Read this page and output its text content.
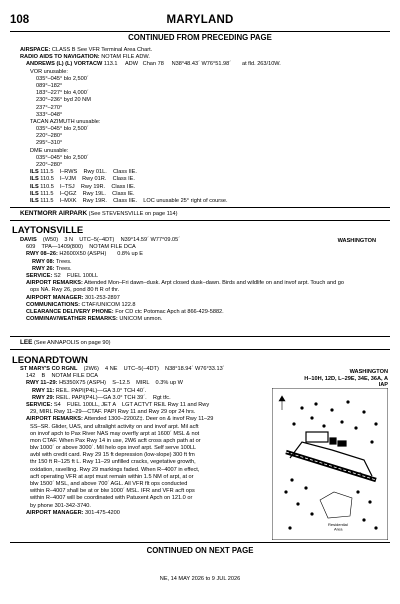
108	MARYLAND
CONTINUED FROM PRECEDING PAGE
AIRSPACE: CLASS B See VFR Terminal Area Chart.
RADIO AIDS TO NAVIGATION: NOTAM FILE ADW.
ANDREWS (L) (L) VORTACW 113.1     ADW   Chan 78     N38°48.43´ W76°51.98´       at fld. 263/10W.
VOR unusable:
035°–045° blo 2,500´
089°–182°
183°–227° blo 4,000´
230°–236° byd 20 NM
237°–270°
333°–048°
TACAN AZIMUTH unusable:
035°–045° blo 2,500´
220°–280°
295°–310°
DME unusable:
035°–045° blo 2,500´
220°–280°
ILS 111.5    I–RWS    Rwy 01L.    Class IIE.
ILS 110.5    I–VJM    Rwy 01R.    Class IE.
ILS 110.5    I–TSJ    Rwy 19R.    Class IIE.
ILS 111.5    I–QGZ    Rwy 19L.    Class IE.
ILS 111.5    I–MXK    Rwy 19R.    Class IIE.    LOC unusable 25° right of course.
KENTMORR AIRPARK (See STEVENSVILLE on page 114)
LAYTONSVILLE
WASHINGTON
DAVIS    (W50)    3 N    UTC–5(–4DT)    N39°14.59´ W77°09.05´
609    TPA—1409(800)    NOTAM FILE DCA
RWY 08–26: H2600X50 (ASPH)       0.8% up E
RWY 08: Trees.
RWY 26: Trees.
SERVICE: S2    FUEL 100LL
AIRPORT REMARKS: Attended Mon–Fri dawn–dusk. Arpt closed dusk–dawn. Birds and wildlife on and invof arpt. Touch and go
ops NA. Rwy 26, pond 80 ft R of thr.
AIRPORT MANAGER: 301-253-2897
COMMUNICATIONS: CTAF/UNICOM 122.8
CLEARANCE DELIVERY PHONE: For CD ctc Potomac Apch at 866-429-5882.
COMM/NAV/WEATHER REMARKS: UNICOM unmon.
LEE (See ANNAPOLIS on page 90)
LEONARDTOWN
WASHINGTON
H–10H, 12D, L–29E, 34E, 36A, A
IAP
ST MARY'S CO RGNL    (2W6)    4 NE    UTC–5(–4DT)    N38°18.94´ W76°33.13´
142    B    NOTAM FILE DCA
RWY 11–29: H5350X75 (ASPH)    S–12.5    MIRL    0.3% up W
RWY 11: REIL. PAPI(P4L)—GA 3.0° TCH 40´.
RWY 29: REIL. PAPI(P4L)—GA 3.0° TCH 39´.    Rgt tfc.
SERVICE: S4    FUEL 100LL, JET A    LGT ACTVT REIL Rwy 11 and Rwy
29, MIRL Rwy 11–29—CTAF. PAPI Rwy 11 and Rwy 29 opr 24 hrs.
AIRPORT REMARKS: Attended 1300–2200Z‡. Deer on & invof Rwy 11–29
SS–SR. Glider, UAS, and ultralight activity on and invof arpt. Mil acft
on invof apch to Pax River NAS may overfly arpt at 1600´ MSL & not
mon CTAF. When Pax Rwy 14 in use, 2W6 acft cross apch path at or
blw 1000´ or above 3000´. Mil helo ops invof arpt. Self serve 100LL
avbl with credit card. Rwy 29 15 ft depression (low-slope) 300 ft fm
thr 150 ft R–125 ft L. Rwy 11–29 unfilled cracks, vegetative growth,
oxidation, ravelling. Rwy 29 markings faded. When R–4007 in effect,
acft operating VFR at arpt must remain within 1.5 NM of arpt, at or
blw 1500´ MSL, and above 700´ AGL. All VFR flt ops conducted
within R–4007 shall be at or blw 1000´ MSL. IFR and VFR acft ops
within R–4007 will be coordinated with Patuxent Apch on 121.0 or
by phone 301-342-3740.
AIRPORT MANAGER: 301-475-4200
Residential Area
CONTINUED ON NEXT PAGE
NE, 14 MAY 2026 to 9 JUL 2026
